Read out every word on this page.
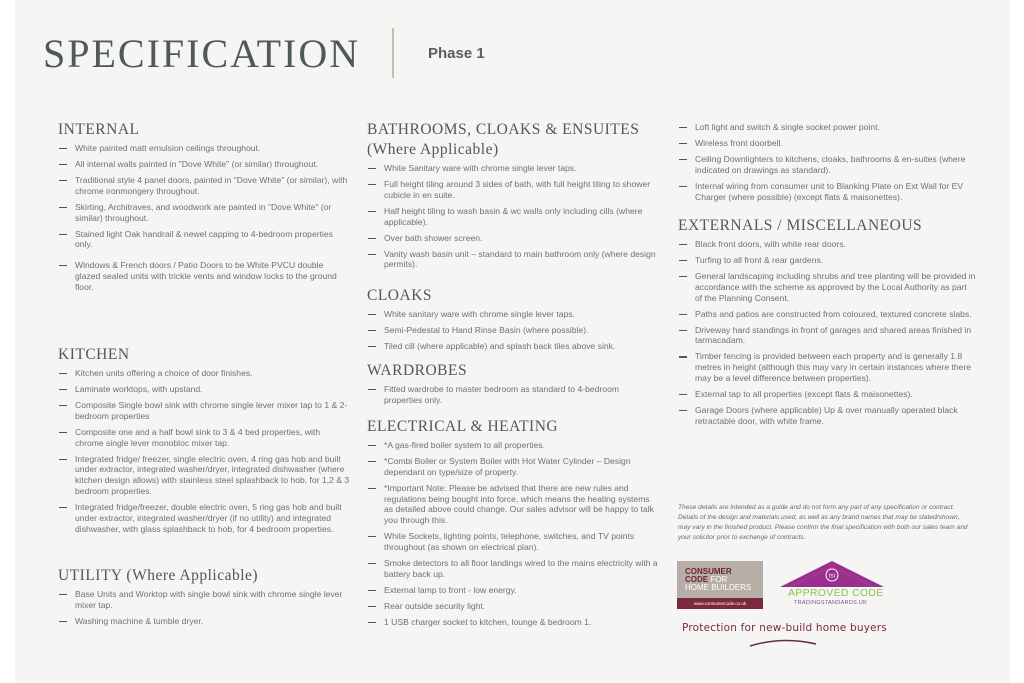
SPECIFICATION	Phase 1
INTERNAL
White painted matt emulsion ceilings throughout.
All internal walls painted in "Dove White" (or similar) throughout.
Traditional style 4 panel doors, painted in "Dove White" (or similar), with chrome ironmongery throughout.
Skirting, Architraves, and woodwork are painted in "Dove White" (or similar) throughout.
Stained light Oak handrail & newel capping to 4-bedroom properties only.
Windows & French doors / Patio Doors to be White PVCU double glazed sealed units with trickle vents and window locks to the ground floor.
KITCHEN
Kitchen units offering a choice of door finishes.
Laminate worktops, with upstand.
Composite Single bowl sink with chrome single lever mixer tap to 1 & 2-bedroom properties
Composite one and a half bowl sink to 3 & 4 bed properties, with chrome single lever monobloc mixer tap.
Integrated fridge/ freezer, single electric oven, 4 ring gas hob and built under extractor, integrated washer/dryer, integrated dishwasher (where kitchen design allows) with stainless steel splashback to hob, for 1,2 & 3 bedroom properties.
Integrated fridge/freezer, double electric oven, 5 ring gas hob and built under extractor, integrated washer/dryer (if no utility) and integrated dishwasher, with glass splashback to hob, for 4 bedroom properties.
UTILITY (Where Applicable)
Base Units and Worktop with single bowl sink with chrome single lever mixer tap.
Washing machine & tumble dryer.
BATHROOMS, CLOAKS & ENSUITES
(Where Applicable)
White Sanitary ware with chrome single lever taps.
Full height tiling around 3 sides of bath, with full height tiling to shower cubicle in en suite.
Half height tiling to wash basin & wc walls only including cills (where applicable).
Over bath shower screen.
Vanity wash basin unit – standard to main bathroom only (where design permits).
CLOAKS
White sanitary ware with chrome single lever taps.
Semi-Pedestal to Hand Rinse Basin (where possible).
Tiled cill (where applicable) and splash back tiles above sink.
WARDROBES
Fitted wardrobe to master bedroom as standard to 4-bedroom properties only.
ELECTRICAL & HEATING
*A gas-fired boiler system to all properties.
*Combi Boiler or System Boiler with Hot Water Cylinder – Design dependant on type/size of property.
*Important Note: Please be advised that there are new rules and regulations being bought into force, which means the heating systems as detailed above could change. Our sales advisor will be happy to talk you through this.
White Sockets, lighting points, telephone, switches, and TV points throughout (as shown on electrical plan).
Smoke detectors to all floor landings wired to the mains electricity with a battery back up.
External lamp to front - low energy.
Rear outside security light.
1 USB charger socket to kitchen, lounge & bedroom 1.
Loft light and switch & single socket power point.
Wireless front doorbell.
Ceiling Downlighters to kitchens, cloaks, bathrooms & en-suites (where indicated on drawings as standard).
Internal wiring from consumer unit to Blanking Plate on Ext Wall for EV Charger (where possible) (except flats & maisonettes).
EXTERNALS / MISCELLANEOUS
Black front doors, with white rear doors.
Turfing to all front & rear gardens.
General landscaping including shrubs and tree planting will be provided in accordance with the scheme as approved by the Local Authority as part of the Planning Consent.
Paths and patios are constructed from coloured, textured concrete slabs.
Driveway hard standings in front of garages and shared areas finished in tarmacadam.
Timber fencing is provided between each property and is generally 1.8 metres in height (although this may vary in certain instances where there may be a level difference between properties).
External tap to all properties (except flats & maisonettes).
Garage Doors (where applicable) Up & over manually operated black retractable door, with white frame.
These details are intended as a guide and do not form any part of any specification or contract. Details of the design and materials used, as well as any brand names that may be stated/shown, may vary in the finished product. Please confirm the final specification with both our sales team and your solicitor prior to exchange of contracts.
CONSUMER
CODE FOR
HOME BUILDERS
www.consumercode.co.uk
tsi
APPROVED CODE
TRADINGSTANDARDS.UK
Protection for new-build home buyers
